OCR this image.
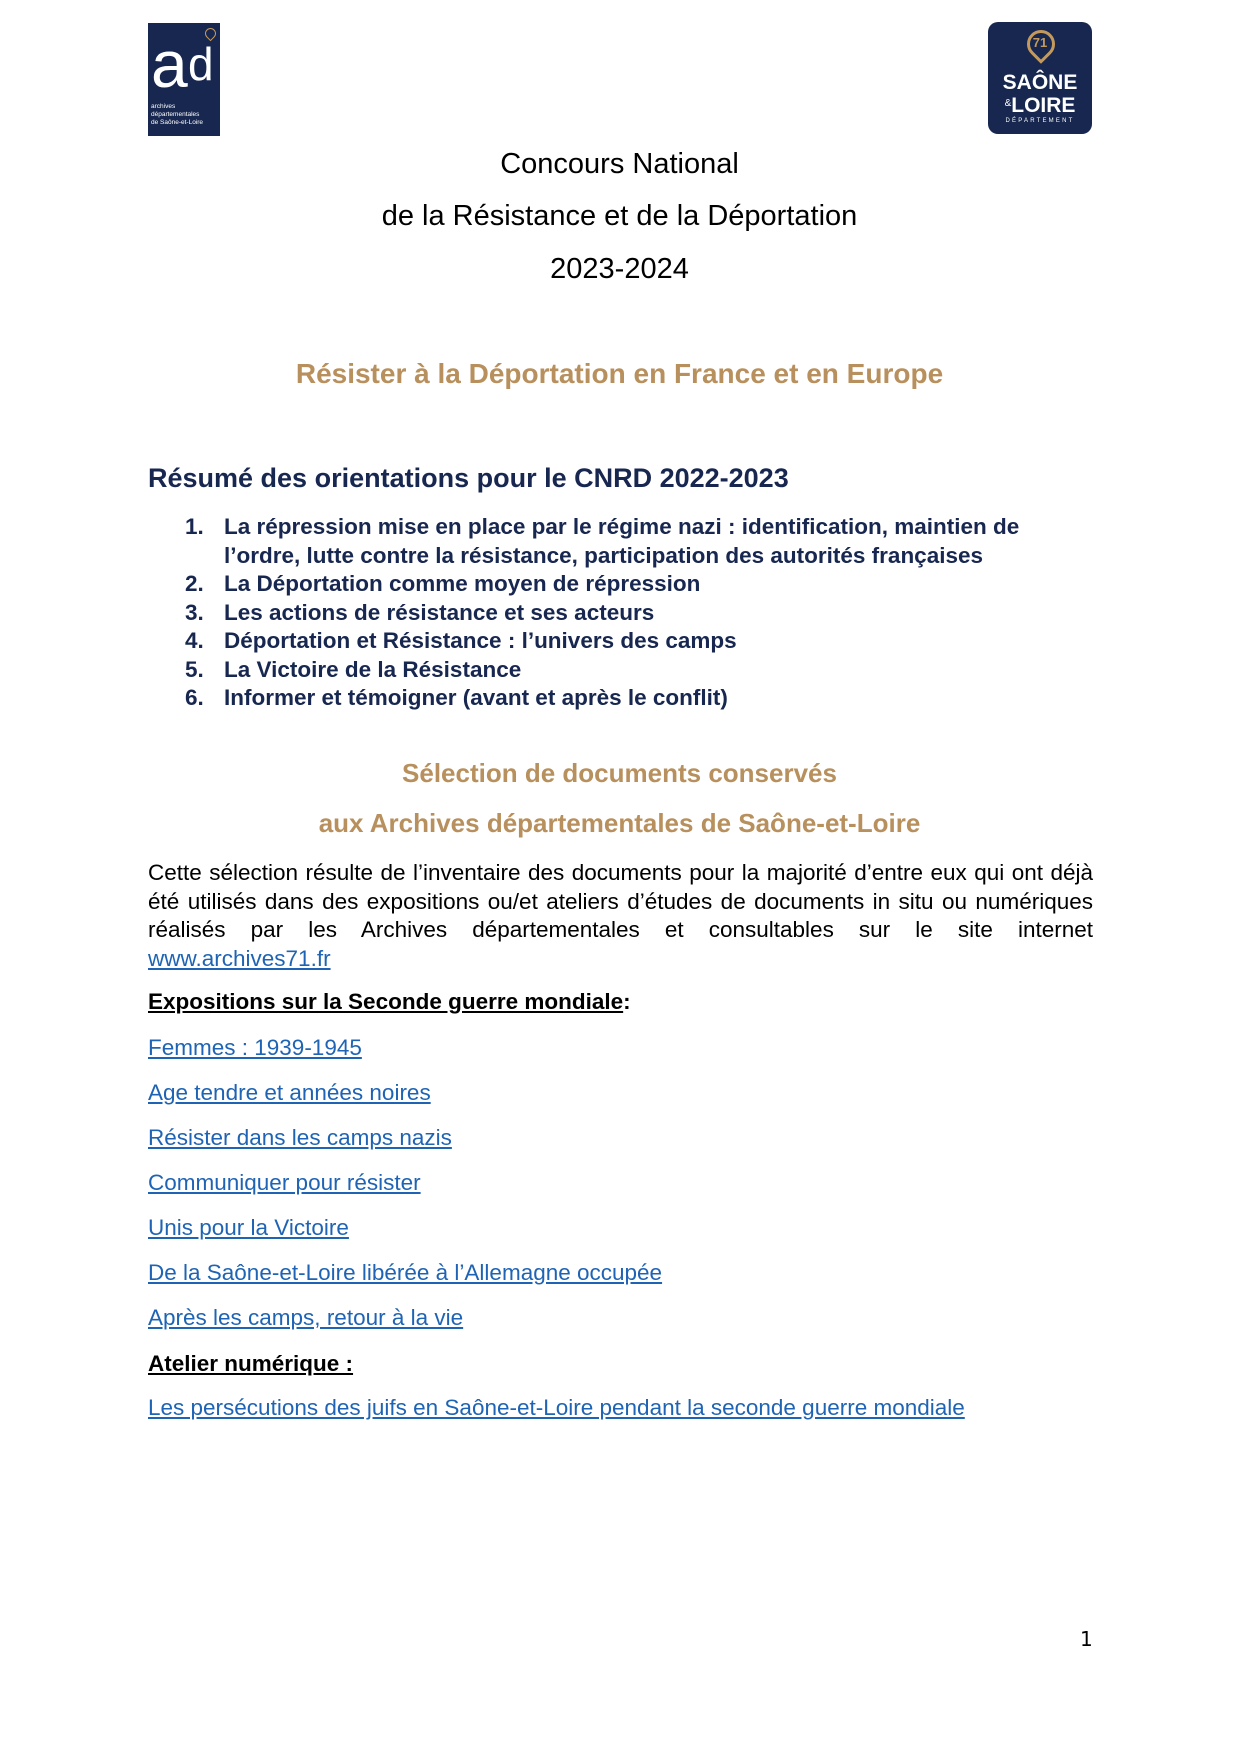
a d
archives
départementales
de Saône-et-Loire
71
SAÔNE
&LOIRE
DÉPARTEMENT
Concours National
de la Résistance et de la Déportation
2023-2024
Résister à la Déportation en France et en Europe
Résumé des orientations pour le CNRD 2022-2023
1. La répression mise en place par le régime nazi : identification, maintien de
l’ordre, lutte contre la résistance, participation des autorités françaises
2. La Déportation comme moyen de répression
3. Les actions de résistance et ses acteurs
4. Déportation et Résistance : l’univers des camps
5. La Victoire de la Résistance
6. Informer et témoigner (avant et après le conflit)
Sélection de documents conservés
aux Archives départementales de Saône-et-Loire
Cette sélection résulte de l’inventaire des documents pour la majorité d’entre eux qui ont déjà
été utilisés dans des expositions ou/et ateliers d’études de documents in situ ou numériques
réalisés par les Archives départementales et consultables sur le site internet
www.archives71.fr
Expositions sur la Seconde guerre mondiale:
Femmes : 1939-1945
Age tendre et années noires
Résister dans les camps nazis
Communiquer pour résister
Unis pour la Victoire
De la Saône-et-Loire libérée à l’Allemagne occupée
Après les camps, retour à la vie
Atelier numérique :
Les persécutions des juifs en Saône-et-Loire pendant la seconde guerre mondiale
1
